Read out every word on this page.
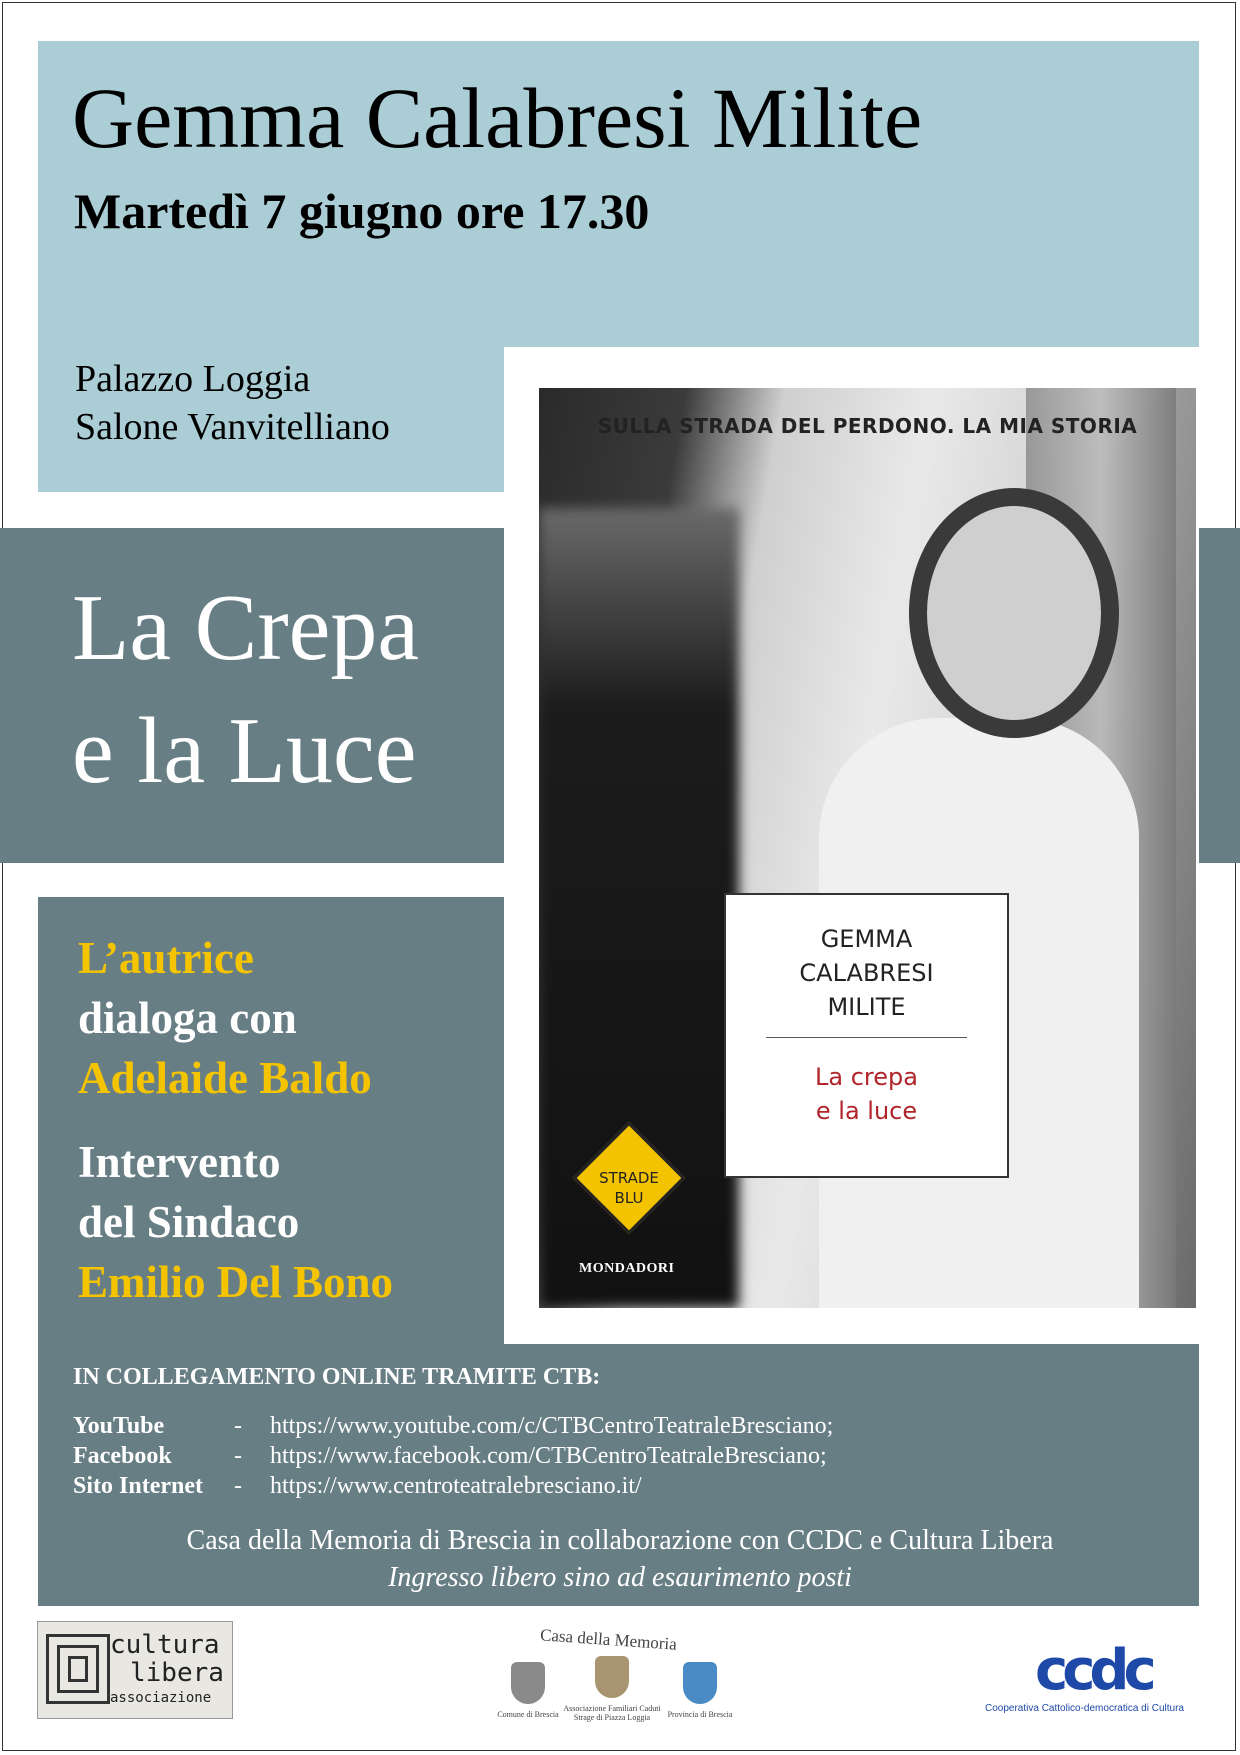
Gemma Calabresi Milite

Martedì 7 giugno ore 17.30

Palazzo Loggia

Salone Vanvitelliano

La Crepa

e la Luce

L’autrice

dialoga con

Adelaide Baldo

Intervento

del Sindaco

Emilio Del Bono

SULLA STRADA DEL PERDONO. LA MIA STORIA
GEMMA
CALABRESI
MILITE
La crepa
e la luce
STRADE
BLU
MONDADORI

IN COLLEGAMENTO ONLINE TRAMITE CTB:

YouTube	- https://www.youtube.com/c/CTBCentroTeatraleBresciano;

Facebook	- https://www.facebook.com/CTBCentroTeatraleBresciano;

Sito Internet - https://www.centroteatralebresciano.it/

Casa della Memoria di Brescia in collaborazione con CCDC e Cultura Libera

Ingresso libero sino ad esaurimento posti

cultura
libera
associazione
Casa della Memoria
Comune di Brescia
Associazione Familiari Caduti Strage di Piazza Loggia	Provincia di Brescia
ccdc
Cooperativa Cattolico-democratica di Cultura
